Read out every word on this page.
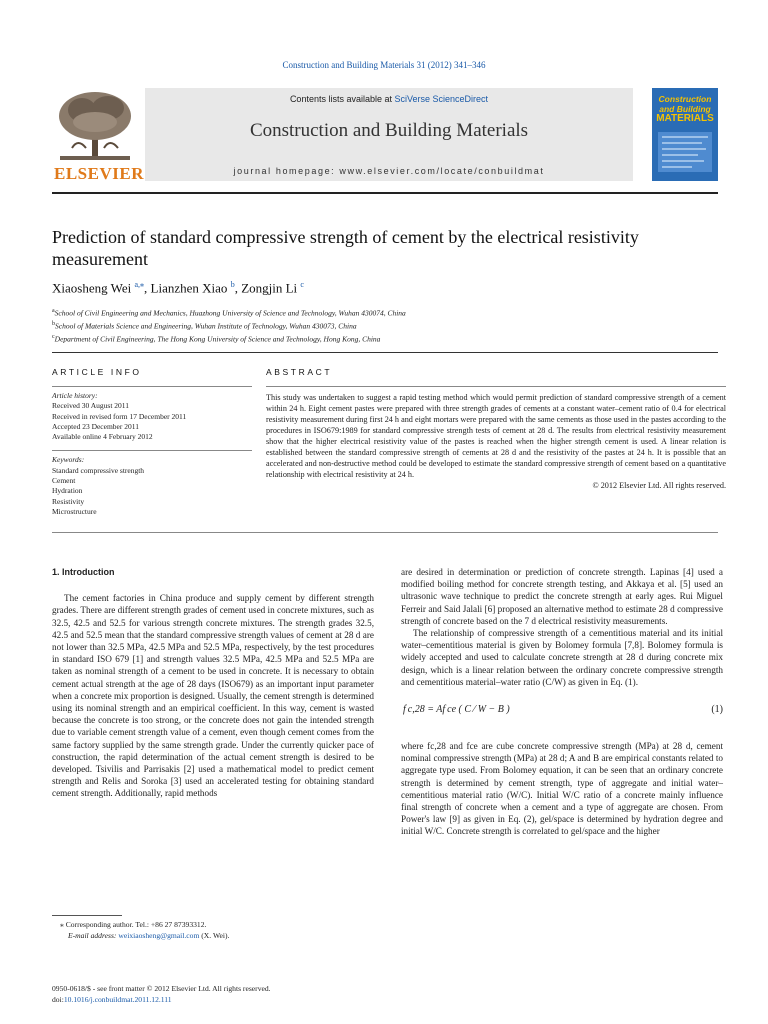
Construction and Building Materials 31 (2012) 341–346
ELSEVIER
Contents lists available at SciVerse ScienceDirect
Construction and Building Materials
journal homepage: www.elsevier.com/locate/conbuildmat
Construction
and Building
MATERIALS
Prediction of standard compressive strength of cement by the electrical resistivity measurement
Xiaosheng Wei $^{a,⁎}$, Lianzhen Xiao $^b$, Zongjin Li $^c$
$^a$School of Civil Engineering and Mechanics, Huazhong University of Science and Technology, Wuhan 430074, China
$^b$School of Materials Science and Engineering, Wuhan Institute of Technology, Wuhan 430073, China
$^c$Department of Civil Engineering, The Hong Kong University of Science and Technology, Hong Kong, China
ARTICLE INFO	ABSTRACT
Article history:
Received 30 August 2011
Received in revised form 17 December 2011
Accepted 23 December 2011
Available online 4 February 2012
Keywords:
Standard compressive strength
Cement
Hydration
Resistivity
Microstructure
This study was undertaken to suggest a rapid testing method which would permit prediction of standard compressive strength of a cement within 24 h. Eight cement pastes were prepared with three strength grades of cements at a constant water–cement ratio of 0.4 for electrical resistivity measurement during first 24 h and eight mortars were prepared with the same cements as those used in the pastes according to the procedures in ISO679:1989 for standard compressive strength tests of cement at 28 d. The results from electrical resistivity measurement show that the higher electrical resistivity value of the pastes is reached when the higher strength cement is used. A linear relation is established between the standard compressive strength of cements at 28 d and the resistivity of the pastes at 24 h. It is possible that an accelerated and non-destructive method could be developed to estimate the standard compressive strength of cement based on a quantitative relationship with electrical resistivity at 24 h.
© 2012 Elsevier Ltd. All rights reserved.
1. Introduction

The cement factories in China produce and supply cement by different strength grades. There are different strength grades of cement used in concrete mixtures, such as 32.5, 42.5 and 52.5 for various strength concrete mixtures. The strength grades 32.5, 42.5 and 52.5 mean that the standard compressive strength values of cement at 28 d are not lower than 32.5 MPa, 42.5 MPa and 52.5 MPa, respectively, by the test procedures in standard ISO 679 [1] and strength values 32.5 MPa, 42.5 MPa and 52.5 MPa are taken as nominal strength of a cement to be used in concrete. It is necessary to obtain cement actual strength at the age of 28 days (ISO679) as an important input parameter when a concrete mix proportion is designed. Usually, the cement strength is determined using its nominal strength and an empirical coefficient. In this way, cement is wasted because the concrete is too strong, or the concrete does not gain the intended strength due to variable cement strength value of a cement, even though cement comes from the same factory supplied by the same strength grade. Under the currently quicker pace of construction, the rapid determination of the actual cement strength is desired to be developed. Tsivilis and Parrisakis [2] used a mathematical model to predict cement strength and Relis and Soroka [3] used an accelerated testing for obtaining standard cement strength. Additionally, rapid methods

are desired in determination or prediction of concrete strength. Lapinas [4] used a modified boiling method for concrete strength testing, and Akkaya et al. [5] used an ultrasonic wave technique to predict the concrete strength at early ages. Rui Miguel Ferreir and Said Jalali [6] proposed an alternative method to estimate 28 d compressive strength of concrete based on the 7 d electrical resistivity measurements.

The relationship of compressive strength of a cementitious material and its initial water–cementitious material is given by Bolomey formula [7,8]. Bolomey formula is widely accepted and used to calculate concrete strength at 28 d during concrete mix design, which is a linear relation between the ordinary concrete compressive strength and cementitious material–water ratio (C/W) as given in Eq. (1).

f c,28 = Af ce ( C ⁄ W − B )	(1)

where fc,28 and fce are cube concrete compressive strength (MPa) at 28 d, cement nominal compressive strength (MPa) at 28 d; A and B are empirical constants related to aggregate type used. From Bolomey equation, it can be seen that an ordinary concrete strength is determined by cement strength, type of aggregate and initial water–cementitious material ratio (W/C). Initial W/C ratio of a concrete mainly influence final strength of concrete when a cement and a type of aggregate are chosen. From Power's law [9] as given in Eq. (2), gel/space is determined by hydration degree and initial W/C. Concrete strength is correlated to gel/space and the higher

⁎ Corresponding author. Tel.: +86 27 87393312.
E-mail address: weixiaosheng@gmail.com (X. Wei).
0950-0618/$ - see front matter © 2012 Elsevier Ltd. All rights reserved.
doi:10.1016/j.conbuildmat.2011.12.111
